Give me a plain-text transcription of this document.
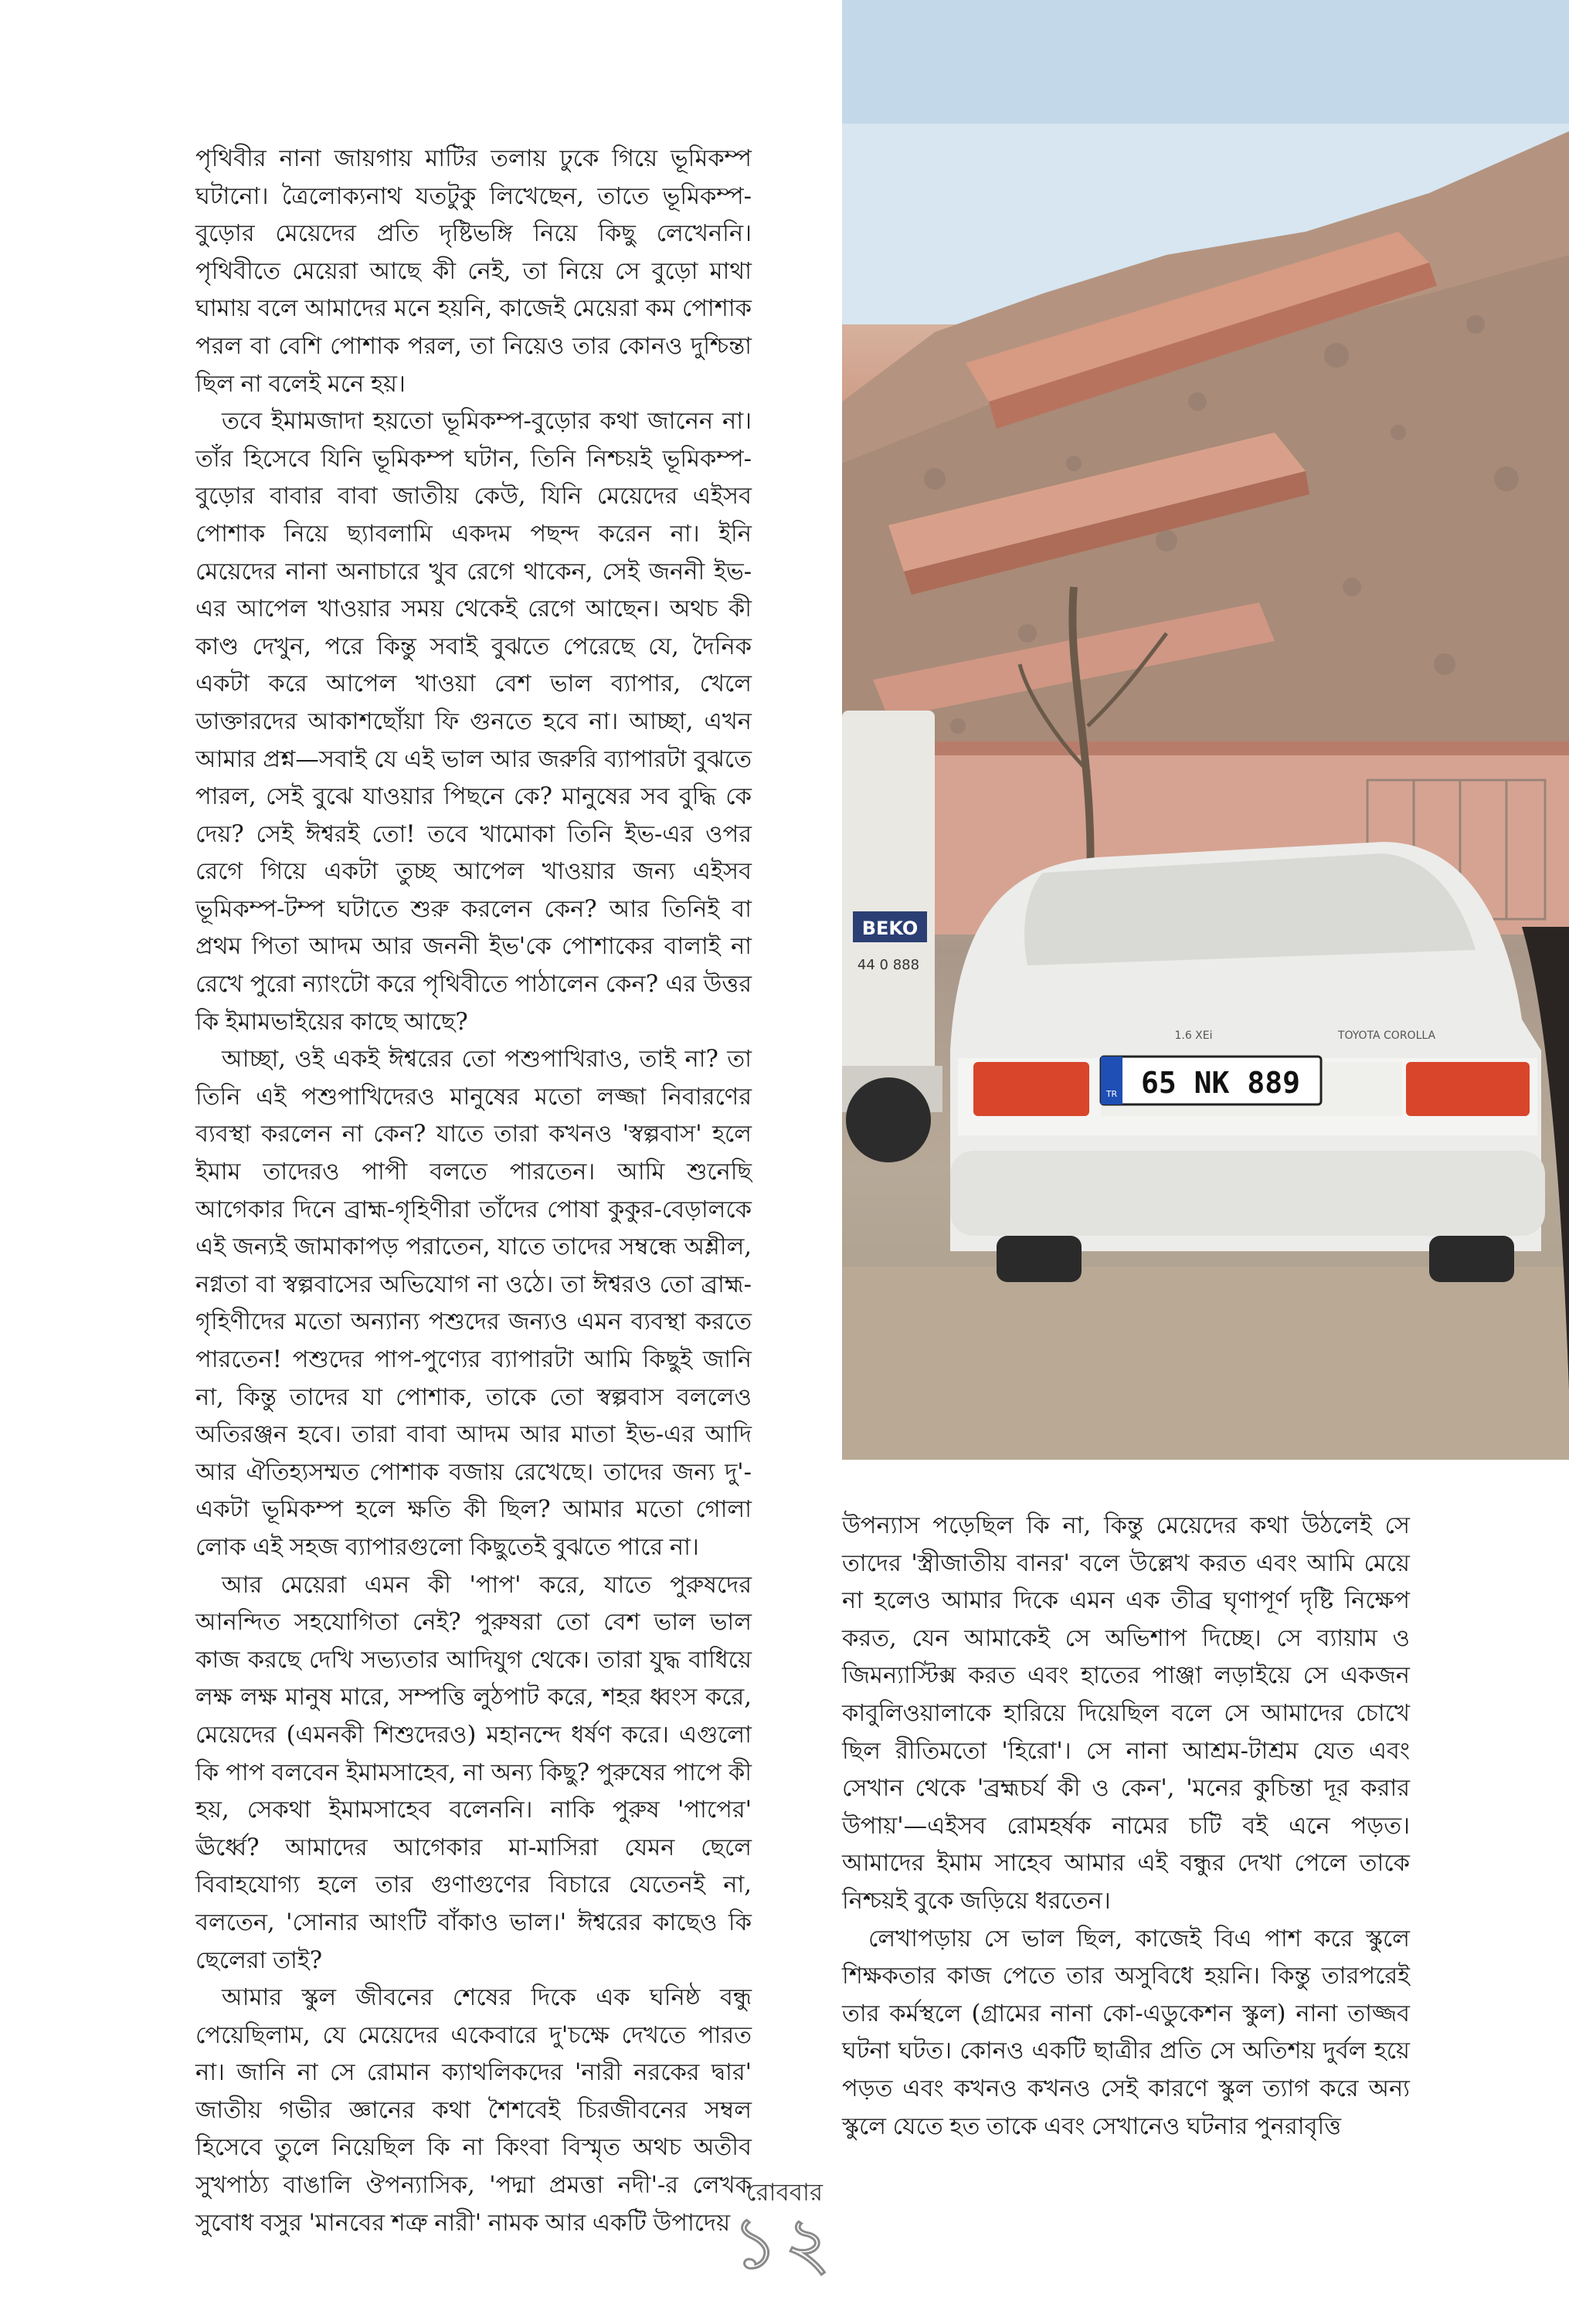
পৃথিবীর নানা জায়গায় মাটির তলায় ঢুকে গিয়ে ভূমিকম্প ঘটানো। ত্রৈলোক্যনাথ যতটুকু লিখেছেন, তাতে ভূমিকম্প-বুড়োর মেয়েদের প্রতি দৃষ্টিভঙ্গি নিয়ে কিছু লেখেননি। পৃথিবীতে মেয়েরা আছে কী নেই, তা নিয়ে সে বুড়ো মাথা ঘামায় বলে আমাদের মনে হয়নি, কাজেই মেয়েরা কম পোশাক পরল বা বেশি পোশাক পরল, তা নিয়েও তার কোনও দুশ্চিন্তা ছিল না বলেই মনে হয়।

তবে ইমামজাদা হয়তো ভূমিকম্প-বুড়োর কথা জানেন না। তাঁর হিসেবে যিনি ভূমিকম্প ঘটান, তিনি নিশ্চয়ই ভূমিকম্প-বুড়োর বাবার বাবা জাতীয় কেউ, যিনি মেয়েদের এইসব পোশাক নিয়ে ছ্যাবলামি একদম পছন্দ করেন না। ইনি মেয়েদের নানা অনাচারে খুব রেগে থাকেন, সেই জননী ইভ-এর আপেল খাওয়ার সময় থেকেই রেগে আছেন। অথচ কী কাণ্ড দেখুন, পরে কিন্তু সবাই বুঝতে পেরেছে যে, দৈনিক একটা করে আপেল খাওয়া বেশ ভাল ব্যাপার, খেলে ডাক্তারদের আকাশছোঁয়া ফি গুনতে হবে না। আচ্ছা, এখন আমার প্রশ্ন—সবাই যে এই ভাল আর জরুরি ব্যাপারটা বুঝতে পারল, সেই বুঝে যাওয়ার পিছনে কে? মানুষের সব বুদ্ধি কে দেয়? সেই ঈশ্বরই তো! তবে খামোকা তিনি ইভ-এর ওপর রেগে গিয়ে একটা তুচ্ছ আপেল খাওয়ার জন্য এইসব ভূমিকম্প-টম্প ঘটাতে শুরু করলেন কেন? আর তিনিই বা প্রথম পিতা আদম আর জননী ইভ'কে পোশাকের বালাই না রেখে পুরো ন্যাংটো করে পৃথিবীতে পাঠালেন কেন? এর উত্তর কি ইমামভাইয়ের কাছে আছে?

আচ্ছা, ওই একই ঈশ্বরের তো পশুপাখিরাও, তাই না? তা তিনি এই পশুপাখিদেরও মানুষের মতো লজ্জা নিবারণের ব্যবস্থা করলেন না কেন? যাতে তারা কখনও 'স্বল্পবাস' হলে ইমাম তাদেরও পাপী বলতে পারতেন। আমি শুনেছি আগেকার দিনে ব্রাহ্ম-গৃহিণীরা তাঁদের পোষা কুকুর-বেড়ালকে এই জন্যই জামাকাপড় পরাতেন, যাতে তাদের সম্বন্ধে অশ্লীল, নগ্নতা বা স্বল্পবাসের অভিযোগ না ওঠে। তা ঈশ্বরও তো ব্রাহ্ম-গৃহিণীদের মতো অন্যান্য পশুদের জন্যও এমন ব্যবস্থা করতে পারতেন! পশুদের পাপ-পুণ্যের ব্যাপারটা আমি কিছুই জানি না, কিন্তু তাদের যা পোশাক, তাকে তো স্বল্পবাস বললেও অতিরঞ্জন হবে। তারা বাবা আদম আর মাতা ইভ-এর আদি আর ঐতিহ্যসম্মত পোশাক বজায় রেখেছে। তাদের জন্য দু'-একটা ভূমিকম্প হলে ক্ষতি কী ছিল? আমার মতো গোলা লোক এই সহজ ব্যাপারগুলো কিছুতেই বুঝতে পারে না।

আর মেয়েরা এমন কী 'পাপ' করে, যাতে পুরুষদের আনন্দিত সহযোগিতা নেই? পুরুষরা তো বেশ ভাল ভাল কাজ করছে দেখি সভ্যতার আদিযুগ থেকে। তারা যুদ্ধ বাধিয়ে লক্ষ লক্ষ মানুষ মারে, সম্পত্তি লুঠপাট করে, শহর ধ্বংস করে, মেয়েদের (এমনকী শিশুদেরও) মহানন্দে ধর্ষণ করে। এগুলো কি পাপ বলবেন ইমামসাহেব, না অন্য কিছু? পুরুষের পাপে কী হয়, সেকথা ইমামসাহেব বলেননি। নাকি পুরুষ 'পাপের' ঊর্ধ্বে? আমাদের আগেকার মা-মাসিরা যেমন ছেলে বিবাহযোগ্য হলে তার গুণাগুণের বিচারে যেতেনই না, বলতেন, 'সোনার আংটি বাঁকাও ভাল।' ঈশ্বরের কাছেও কি ছেলেরা তাই?

আমার স্কুল জীবনের শেষের দিকে এক ঘনিষ্ঠ বন্ধু পেয়েছিলাম, যে মেয়েদের একেবারে দু'চক্ষে দেখতে পারত না। জানি না সে রোমান ক্যাথলিকদের 'নারী নরকের দ্বার' জাতীয় গভীর জ্ঞানের কথা শৈশবেই চিরজীবনের সম্বল হিসেবে তুলে নিয়েছিল কি না কিংবা বিস্মৃত অথচ অতীব সুখপাঠ্য বাঙালি ঔপন্যাসিক, 'পদ্মা প্রমত্তা নদী'-র লেখক সুবোধ বসুর 'মানবের শত্রু নারী' নামক আর একটি উপাদেয়

BEKO
44 0 888
1.6 XEi	TOYOTA COROLLA
TR 65 NK 889

উপন্যাস পড়েছিল কি না, কিন্তু মেয়েদের কথা উঠলেই সে তাদের 'স্ত্রীজাতীয় বানর' বলে উল্লেখ করত এবং আমি মেয়ে না হলেও আমার দিকে এমন এক তীব্র ঘৃণাপূর্ণ দৃষ্টি নিক্ষেপ করত, যেন আমাকেই সে অভিশাপ দিচ্ছে। সে ব্যায়াম ও জিমন্যাস্টিক্স করত এবং হাতের পাঞ্জা লড়াইয়ে সে একজন কাবুলিওয়ালাকে হারিয়ে দিয়েছিল বলে সে আমাদের চোখে ছিল রীতিমতো 'হিরো'। সে নানা আশ্রম-টাশ্রম যেত এবং সেখান থেকে 'ব্রহ্মচর্য কী ও কেন', 'মনের কুচিন্তা দূর করার উপায়'—এইসব রোমহর্ষক নামের চটি বই এনে পড়ত। আমাদের ইমাম সাহেব আমার এই বন্ধুর দেখা পেলে তাকে নিশ্চয়ই বুকে জড়িয়ে ধরতেন।

লেখাপড়ায় সে ভাল ছিল, কাজেই বিএ পাশ করে স্কুলে শিক্ষকতার কাজ পেতে তার অসুবিধে হয়নি। কিন্তু তারপরেই তার কর্মস্থলে (গ্রামের নানা কো-এডুকেশন স্কুল) নানা তাজ্জব ঘটনা ঘটত। কোনও একটি ছাত্রীর প্রতি সে অতিশয় দুর্বল হয়ে পড়ত এবং কখনও কখনও সেই কারণে স্কুল ত্যাগ করে অন্য স্কুলে যেতে হত তাকে এবং সেখানেও ঘটনার পুনরাবৃত্তি

রোববার
১২
